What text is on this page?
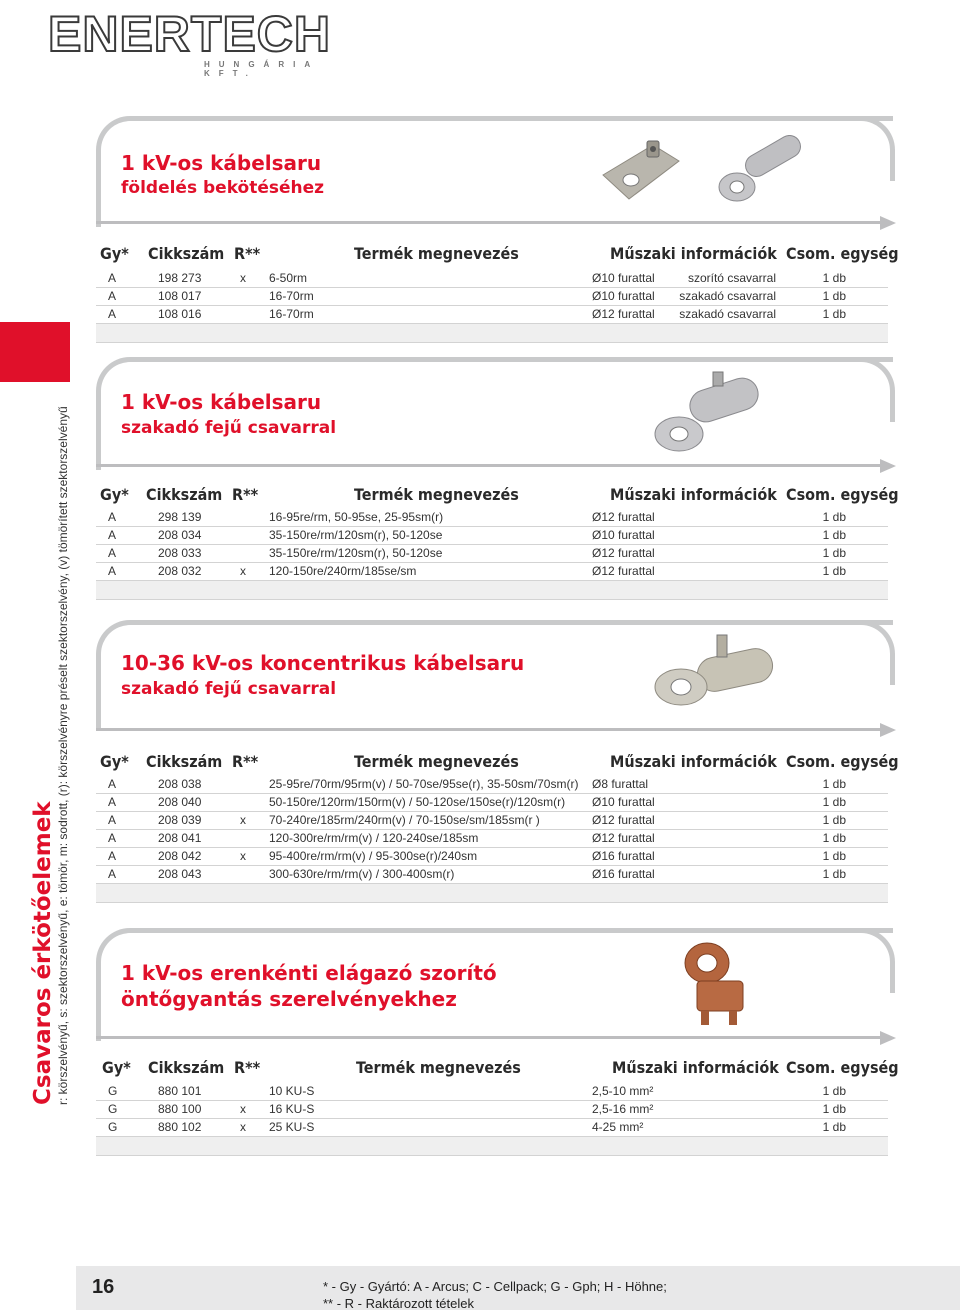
ENERTECH
HUNGÁRIA KFT.
Csavaros érkötőelemek r: körszelvényű, s: szektorszelvényű, e: tömör, m: sodrott, (r): körszelvényre préselt szektorszelvény, (v) tömörített szektorszelvényű
1 kV-os kábelsaru
földelés bekötéséhez
Gy* Cikkszám R**	Termék megnevezés	Műszaki információk Csom. egység
A	198 273	x 6-50rm	Ø10 furattal	szorító csavarral	1 db
A	108 017	16-70rm	Ø10 furattal szakadó csavarral	1 db
A	108 016	16-70rm	Ø12 furattal szakadó csavarral	1 db
1 kV-os kábelsaru
szakadó fejű csavarral
Gy* Cikkszám R**	Termék megnevezés	Műszaki információk Csom. egység
A	298 139	16-95re/rm, 50-95se, 25-95sm(r)	Ø12 furattal	1 db
A	208 034	35-150re/rm/120sm(r), 50-120se	Ø10 furattal	1 db
A	208 033	35-150re/rm/120sm(r), 50-120se	Ø12 furattal	1 db
A	208 032	x 120-150re/240rm/185se/sm	Ø12 furattal	1 db
10-36 kV-os koncentrikus kábelsaru
szakadó fejű csavarral
Gy* Cikkszám R**	Termék megnevezés	Műszaki információk Csom. egység
A	208 038	25-95re/70rm/95rm(v) / 50-70se/95se(r), 35-50sm/70sm(r) Ø8 furattal	1 db
A	208 040	50-150re/120rm/150rm(v) / 50-120se/150se(r)/120sm(r) Ø10 furattal	1 db
A	208 039	x 70-240re/185rm/240rm(v) / 70-150se/sm/185sm(r )	Ø12 furattal	1 db
A	208 041	120-300re/rm/rm(v) / 120-240se/185sm	Ø12 furattal	1 db
A	208 042	x 95-400re/rm/rm(v) / 95-300se(r)/240sm	Ø16 furattal	1 db
A	208 043	300-630re/rm/rm(v) / 300-400sm(r)	Ø16 furattal	1 db
1 kV-os erenkénti elágazó szorító
öntőgyantás szerelvényekhez
Gy* Cikkszám R**	Termék megnevezés	Műszaki információk Csom. egység
G	880 101	10 KU-S	2,5-10 mm²	1 db
G	880 100	x 16 KU-S	2,5-16 mm²	1 db
G	880 102	x 25 KU-S	4-25 mm²	1 db
16	* - Gy - Gyártó: A - Arcus; C - Cellpack; G - Gph; H - Höhne;
** - R - Raktározott tételek
